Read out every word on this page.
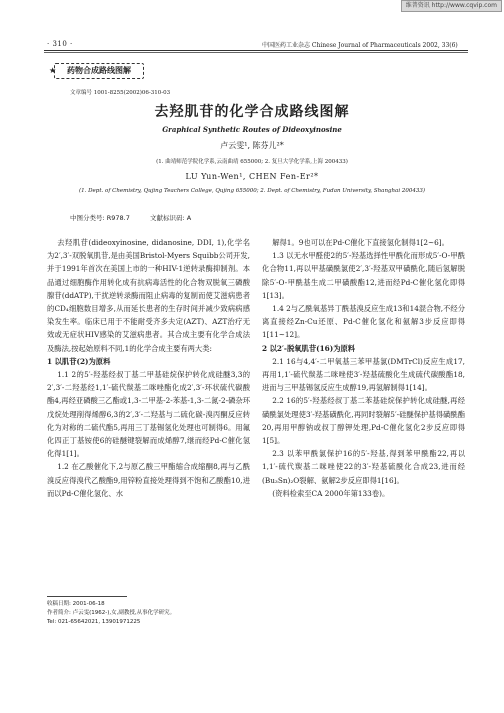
维普资讯 http://www.cqvip.com
· 310 ·	中国医药工业杂志 Chinese Journal of Pharmaceuticals 2002, 33(6)
★ 药物合成路线图解
文章编号 1001-8255(2002)06-310-03
去羟肌苷的化学合成路线图解
Graphical Synthetic Routes of Dideoxyinosine
卢云雯¹, 陈芬儿²*
(1. 曲靖师范学院化学系,云南曲靖 655000; 2. 复旦大学化学系,上海 200433)
LU Yun-Wen¹, CHEN Fen-Er²*
(1. Dept. of Chemistry, Qujing Teachers College, Qujing 655000; 2. Dept. of Chemistry, Fudan University, Shanghai 200433)
中图分类号: R978.7	文献标识码: A

去羟肌苷(dideoxyinosine, didanosine, DDI, 1),化学名为2′,3′-双脱氧肌苷,是由美国Bristol-Myers Squibb公司开发,并于1991年首次在美国上市的一种HIV-1逆转录酶抑制剂。本品通过细胞酶作用转化成有抗病毒活性的化合物双脱氧三磷酸腺苷(ddATP),干扰逆转录酶而阻止病毒的复制而使艾滋病患者的CD₄细胞数目增多,从而延长患者的生存时间并减少致病病感染发生率。临床已用于不能耐受齐多夫定(AZT)、AZT治疗无效或无症状HIV感染的艾滋病患者。其合成主要有化学合成法及酶法,按起始原料不同,1的化学合成主要有两大类:

1 以肌苷(2)为原料

1.1 2的5′-羟基经叔丁基二甲基硅烷保护转化成硅醚3,3的2′,3′-二羟基经1,1′-硫代羰基二咪唑酯化成2′,3′-环状硫代碳酸酯4,再经亚磷酸三乙酯或1,3-二甲基-2-苯基-1,3-二氮-2-磷杂环戊烷处理削得烯醇6,3的2′,3′-二羟基与二硫化碳-溴丙酮反应转化为对称的二硫代酯5,再用三丁基锡氢化处理也可制得6。用氟化四正丁基铵使6的硅醚键裂解而成烯醇7,继而经Pd-C催化氢化得1[1]。

1.2 在乙酸催化下,2与原乙酸三甲酯缩合成缩酮8,再与乙酰溴反应得溴代乙酸酯9,用锌粉直接处理得到不饱和乙酸酯10,进而以Pd-C催化氢化、水

解得1。9也可以在Pd-C催化下直接氢化制得1[2~6]。

1.3 以无水甲醛使2的5′-羟基选择性甲酰化而形成5′-O-甲酰化合物11,再以甲基磺酰氯使2′,3′-羟基双甲磺酰化,随后氢解脱除5′-O-甲酰基生成二甲磺酸酯12,进而经Pd-C催化氢化即得1[13]。

1.4 2与乙酰氧基异丁酰基溴反应生成13和14混合物,不经分离直接经Zn-Cu还原、Pd-C催化氢化和氨解3步反应即得1[11~12]。

2 以2′-脱氧肌苷(16)为原料

2.1 16与4,4′-二甲氧基三苯甲基氯(DMTrCl)反应生成17,再用1,1′-硫代羰基二咪唑使3′-羟基硫酸化生成硫代碳酸酯18,进而与三甲基锡氢反应生成醇19,再氢解制得1[14]。

2.2 16的5′-羟基经叔丁基二苯基硅烷保护转化成硅醚,再经磺酰氯处理使3′-羟基磺酰化,再同时裂解5′-硅醚保护基得磺酰酯20,再用甲醇钠或叔丁醇钾处理,Pd-C催化氢化2步反应即得1[5]。

2.3 以苯甲酰氯保护16的5′-羟基,得到苯甲酰酯22,再以1,1′-硫代羰基二咪唑使22的3′-羟基硫酰化合成23,进而经(Bu₃Sn)₂O裂解、氨解2步反应即得1[16]。

(资料检索至CA 2000年第133卷)。

收稿日期: 2001-06-18
作者简介: 卢云雯(1962-),女,副教授,从事化学研究。
Tel: 021-65642021, 13901971225
